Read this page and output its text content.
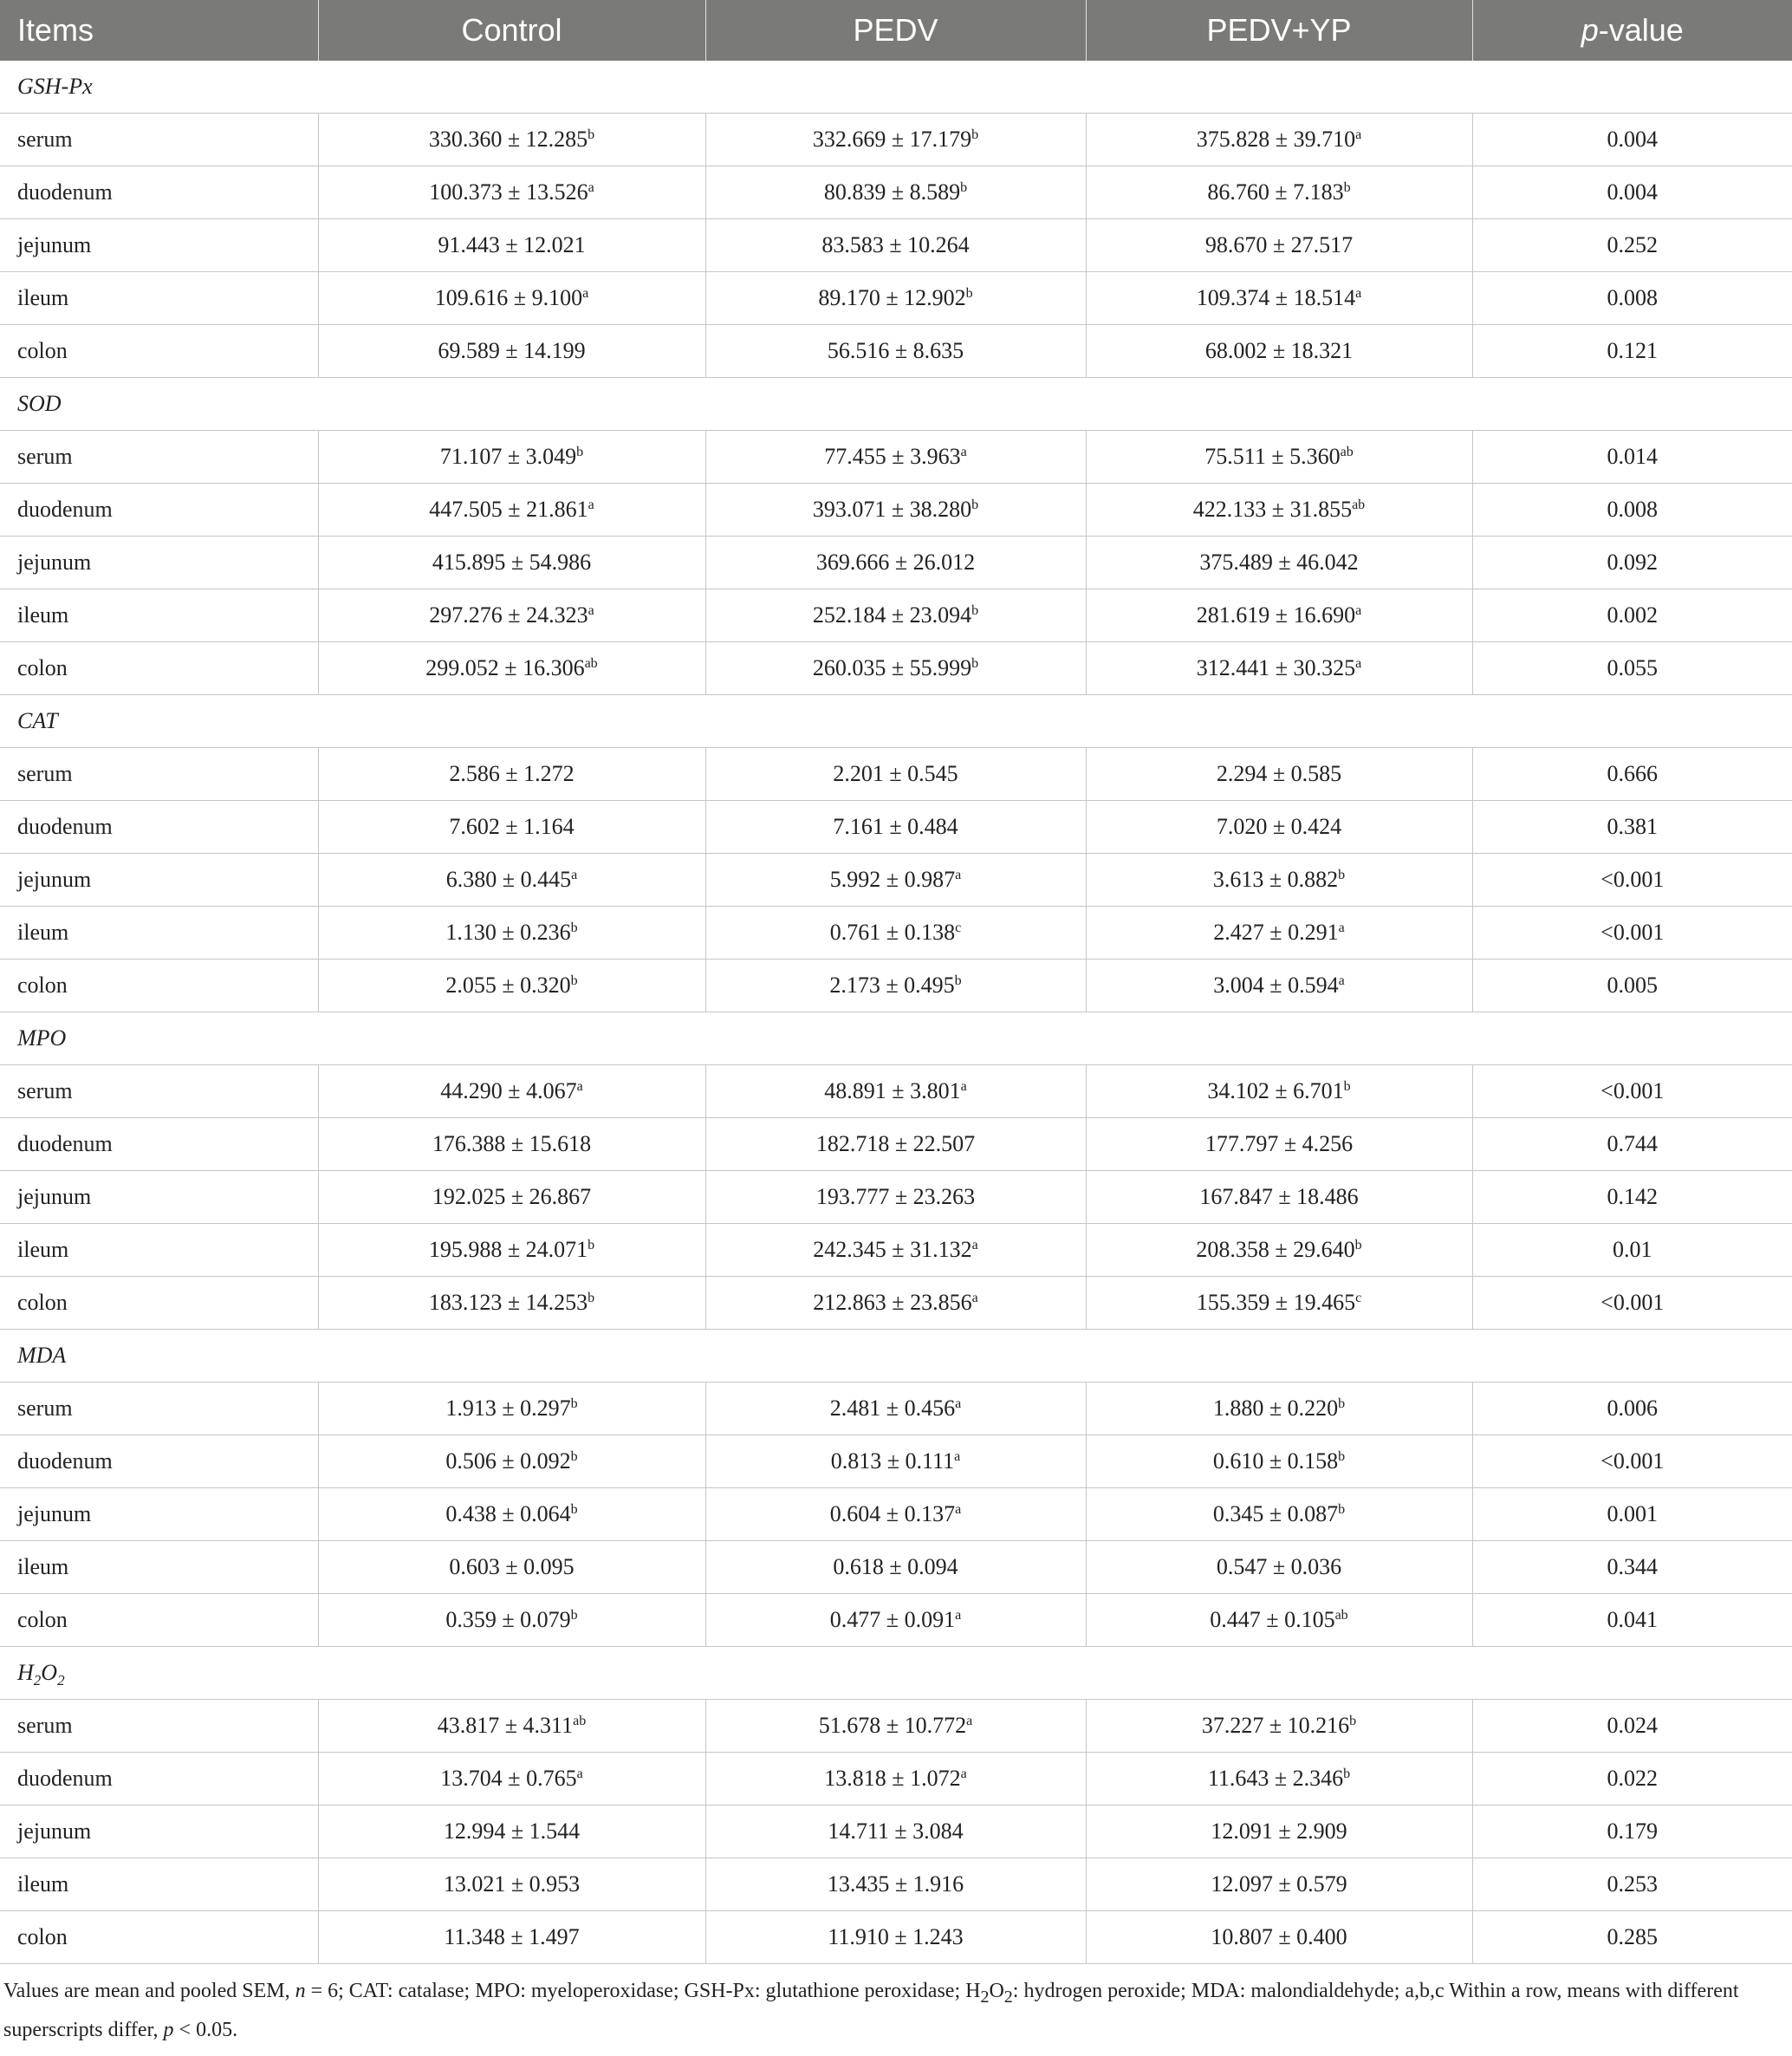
Items	Control	PEDV	PEDV+YP	p-value
GSH-Px				
serum	330.360 ± 12.285$^b$	332.669 ± 17.179$^b$	375.828 ± 39.710$^a$	0.004
duodenum	100.373 ± 13.526$^a$	80.839 ± 8.589$^b$	86.760 ± 7.183$^b$	0.004
jejunum	91.443 ± 12.021	83.583 ± 10.264	98.670 ± 27.517	0.252
ileum	109.616 ± 9.100$^a$	89.170 ± 12.902$^b$	109.374 ± 18.514$^a$	0.008
colon	69.589 ± 14.199	56.516 ± 8.635	68.002 ± 18.321	0.121
SOD				
serum	71.107 ± 3.049$^b$	77.455 ± 3.963$^a$	75.511 ± 5.360$^{ab}$	0.014
duodenum	447.505 ± 21.861$^a$	393.071 ± 38.280$^b$	422.133 ± 31.855$^{ab}$	0.008
jejunum	415.895 ± 54.986	369.666 ± 26.012	375.489 ± 46.042	0.092
ileum	297.276 ± 24.323$^a$	252.184 ± 23.094$^b$	281.619 ± 16.690$^a$	0.002
colon	299.052 ± 16.306$^{ab}$	260.035 ± 55.999$^b$	312.441 ± 30.325$^a$	0.055
CAT				
serum	2.586 ± 1.272	2.201 ± 0.545	2.294 ± 0.585	0.666
duodenum	7.602 ± 1.164	7.161 ± 0.484	7.020 ± 0.424	0.381
jejunum	6.380 ± 0.445$^a$	5.992 ± 0.987$^a$	3.613 ± 0.882$^b$	<0.001
ileum	1.130 ± 0.236$^b$	0.761 ± 0.138$^c$	2.427 ± 0.291$^a$	<0.001
colon	2.055 ± 0.320$^b$	2.173 ± 0.495$^b$	3.004 ± 0.594$^a$	0.005
MPO				
serum	44.290 ± 4.067$^a$	48.891 ± 3.801$^a$	34.102 ± 6.701$^b$	<0.001
duodenum	176.388 ± 15.618	182.718 ± 22.507	177.797 ± 4.256	0.744
jejunum	192.025 ± 26.867	193.777 ± 23.263	167.847 ± 18.486	0.142
ileum	195.988 ± 24.071$^b$	242.345 ± 31.132$^a$	208.358 ± 29.640$^b$	0.01
colon	183.123 ± 14.253$^b$	212.863 ± 23.856$^a$	155.359 ± 19.465$^c$	<0.001
MDA				
serum	1.913 ± 0.297$^b$	2.481 ± 0.456$^a$	1.880 ± 0.220$^b$	0.006
duodenum	0.506 ± 0.092$^b$	0.813 ± 0.111$^a$	0.610 ± 0.158$^b$	<0.001
jejunum	0.438 ± 0.064$^b$	0.604 ± 0.137$^a$	0.345 ± 0.087$^b$	0.001
ileum	0.603 ± 0.095	0.618 ± 0.094	0.547 ± 0.036	0.344
colon	0.359 ± 0.079$^b$	0.477 ± 0.091$^a$	0.447 ± 0.105$^{ab}$	0.041
$H_2O_2$
serum	43.817 ± 4.311$^{ab}$	51.678 ± 10.772$^a$	37.227 ± 10.216$^b$	0.024
duodenum	13.704 ± 0.765$^a$	13.818 ± 1.072$^a$	11.643 ± 2.346$^b$	0.022
jejunum	12.994 ± 1.544	14.711 ± 3.084	12.091 ± 2.909	0.179
ileum	13.021 ± 0.953	13.435 ± 1.916	12.097 ± 0.579	0.253
colon	11.348 ± 1.497	11.910 ± 1.243	10.807 ± 0.400	0.285
Values are mean and pooled SEM, n = 6; CAT: catalase; MPO: myeloperoxidase; GSH-Px: glutathione peroxidase; $H_2O_2$: hydrogen peroxide; MDA: malondialdehyde; a,b,c Within a row, means with different superscripts differ, p < 0.05.
